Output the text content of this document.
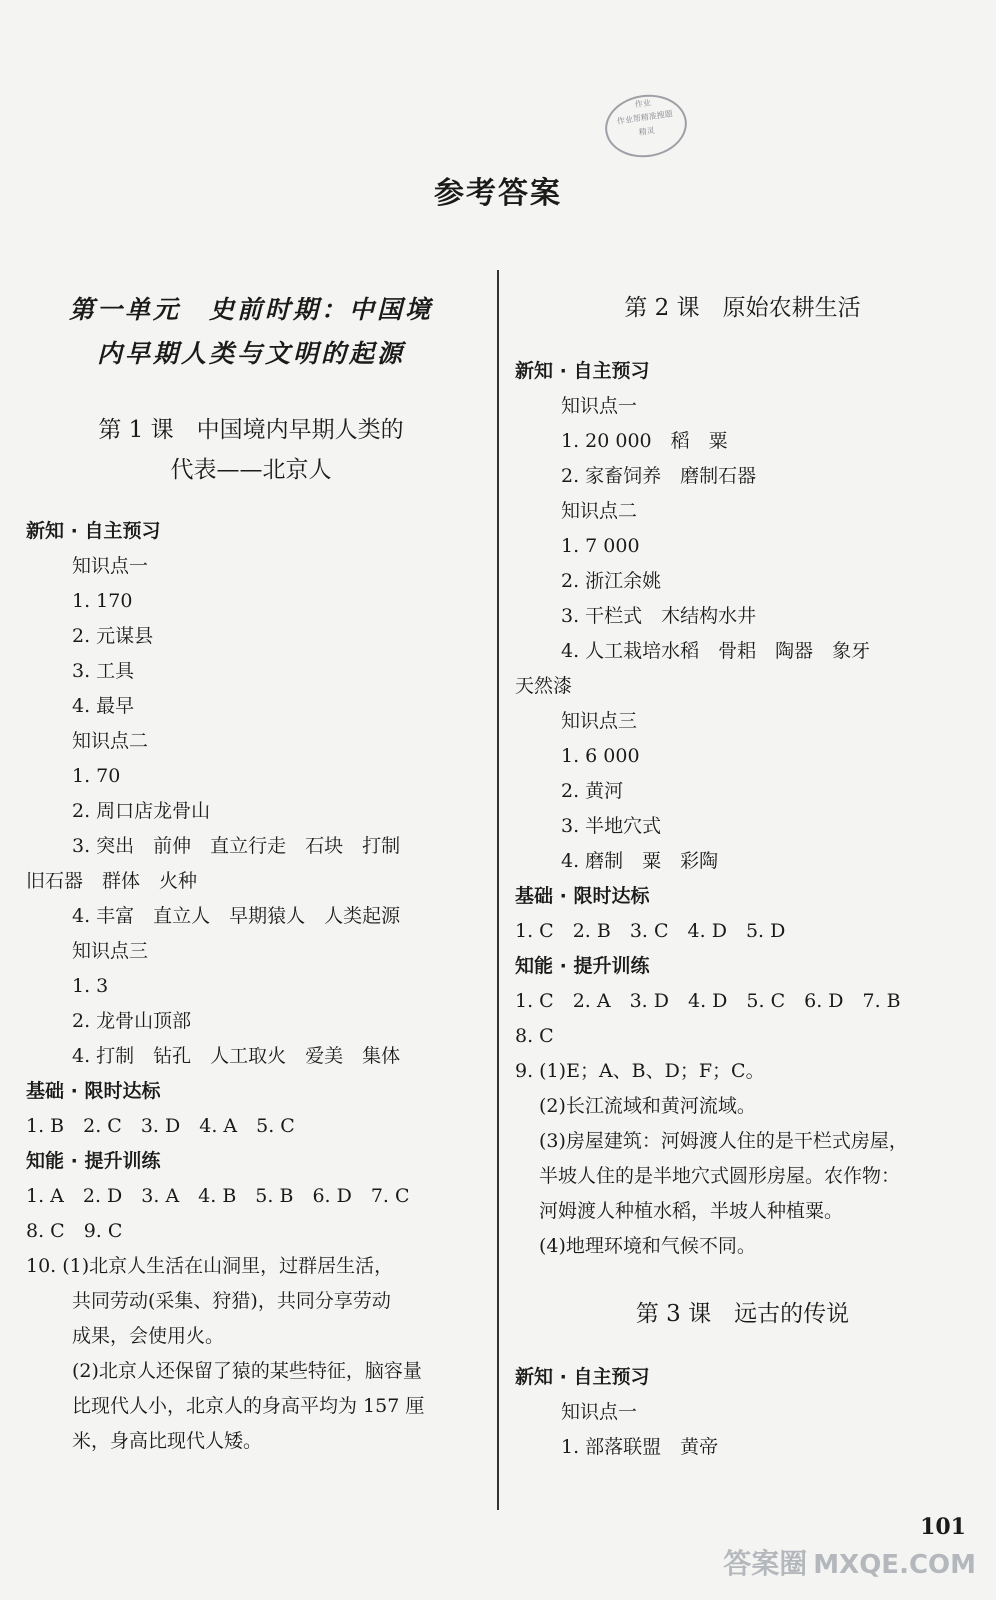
作业
作业帮精准搜题
精灵
参考答案
第一单元　史前时期：中国境
内早期人类与文明的起源
第 1 课　中国境内早期人类的
代表——北京人
新知 · 自主预习
知识点一
1. 170
2. 元谋县
3. 工具
4. 最早
知识点二
1. 70
2. 周口店龙骨山
3. 突出　前伸　直立行走　石块　打制
旧石器　群体　火种
4. 丰富　直立人　早期猿人　人类起源
知识点三
1. 3
2. 龙骨山顶部
4. 打制　钻孔　人工取火　爱美　集体
基础 · 限时达标
1. B　2. C　3. D　4. A　5. C
知能 · 提升训练
1. A　2. D　3. A　4. B　5. B　6. D　7. C
8. C　9. C
10. (1)北京人生活在山洞里，过群居生活，
共同劳动(采集、狩猎)，共同分享劳动
成果，会使用火。
(2)北京人还保留了猿的某些特征，脑容量
比现代人小，北京人的身高平均为 157 厘
米，身高比现代人矮。
第 2 课　原始农耕生活
新知 · 自主预习
知识点一
1. 20 000　稻　粟
2. 家畜饲养　磨制石器
知识点二
1. 7 000
2. 浙江余姚
3. 干栏式　木结构水井
4. 人工栽培水稻　骨耜　陶器　象牙
天然漆
知识点三
1. 6 000
2. 黄河
3. 半地穴式
4. 磨制　粟　彩陶
基础 · 限时达标
1. C　2. B　3. C　4. D　5. D
知能 · 提升训练
1. C　2. A　3. D　4. D　5. C　6. D　7. B
8. C
9. (1)E；A、B、D；F；C。
(2)长江流域和黄河流域。
(3)房屋建筑：河姆渡人住的是干栏式房屋，
半坡人住的是半地穴式圆形房屋。农作物：
河姆渡人种植水稻，半坡人种植粟。
(4)地理环境和气候不同。
第 3 课　远古的传说
新知 · 自主预习
知识点一
1. 部落联盟　黄帝
101
答案圈 MXQE.COM
